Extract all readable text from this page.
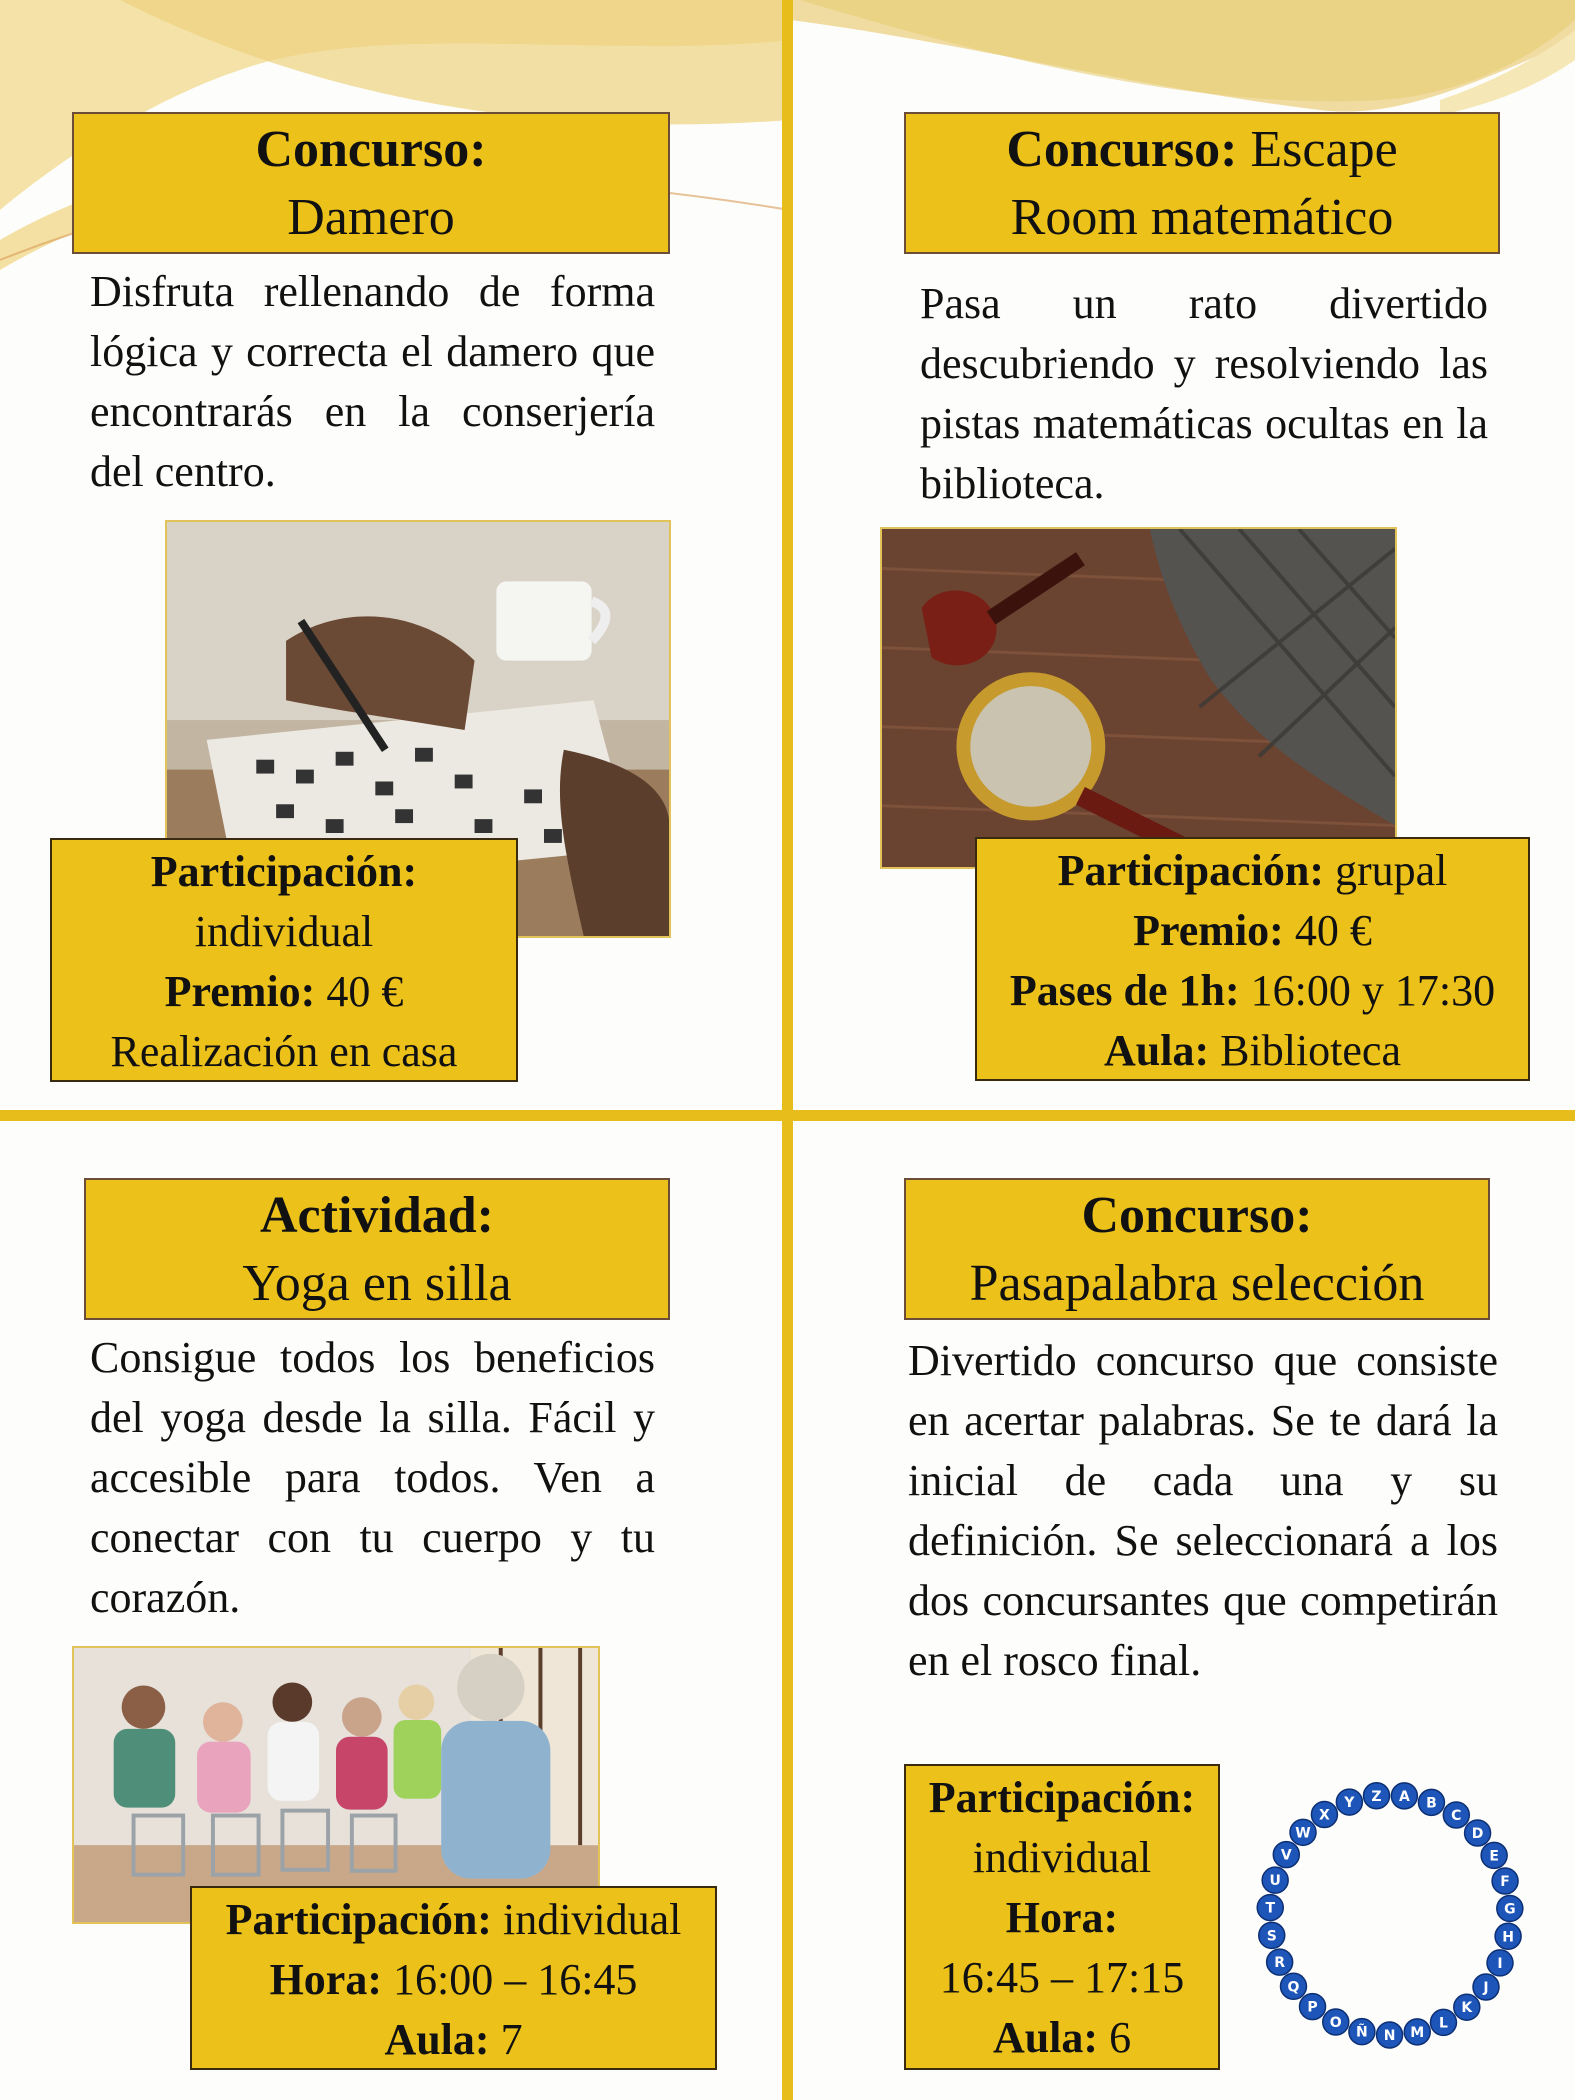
Concurso:
Damero

Disfruta rellenando de forma lógica y correcta el damero que encontrarás en la conserjería del centro.

Participación:
individual
Premio: 40 €
Realización en casa
Concurso: Escape
Room matemático

Pasa un rato divertido descubriendo y resolviendo las pistas matemáticas ocultas en la biblioteca.

Participación: grupal
Premio: 40 €
Pases de 1h: 16:00 y 17:30
Aula: Biblioteca
Actividad:
Yoga en silla

Consigue todos los beneficios del yoga desde la silla. Fácil y accesible para todos. Ven a conectar con tu cuerpo y tu corazón.

Participación: individual
Hora: 16:00 – 16:45
Aula: 7
Concurso:
Pasapalabra selección

Divertido concurso que consiste en acertar palabras. Se te dará la inicial de cada una y su definición. Se seleccionará a los dos concursantes que competirán en el rosco final.

Participación:
individual
Hora:
16:45 – 17:15
Aula: 6
A B
C
D
E
F
G
H
I
J
K
L
M
N
Ñ
O
P
Q
R
S
T
U
V
W
X
Y Z
